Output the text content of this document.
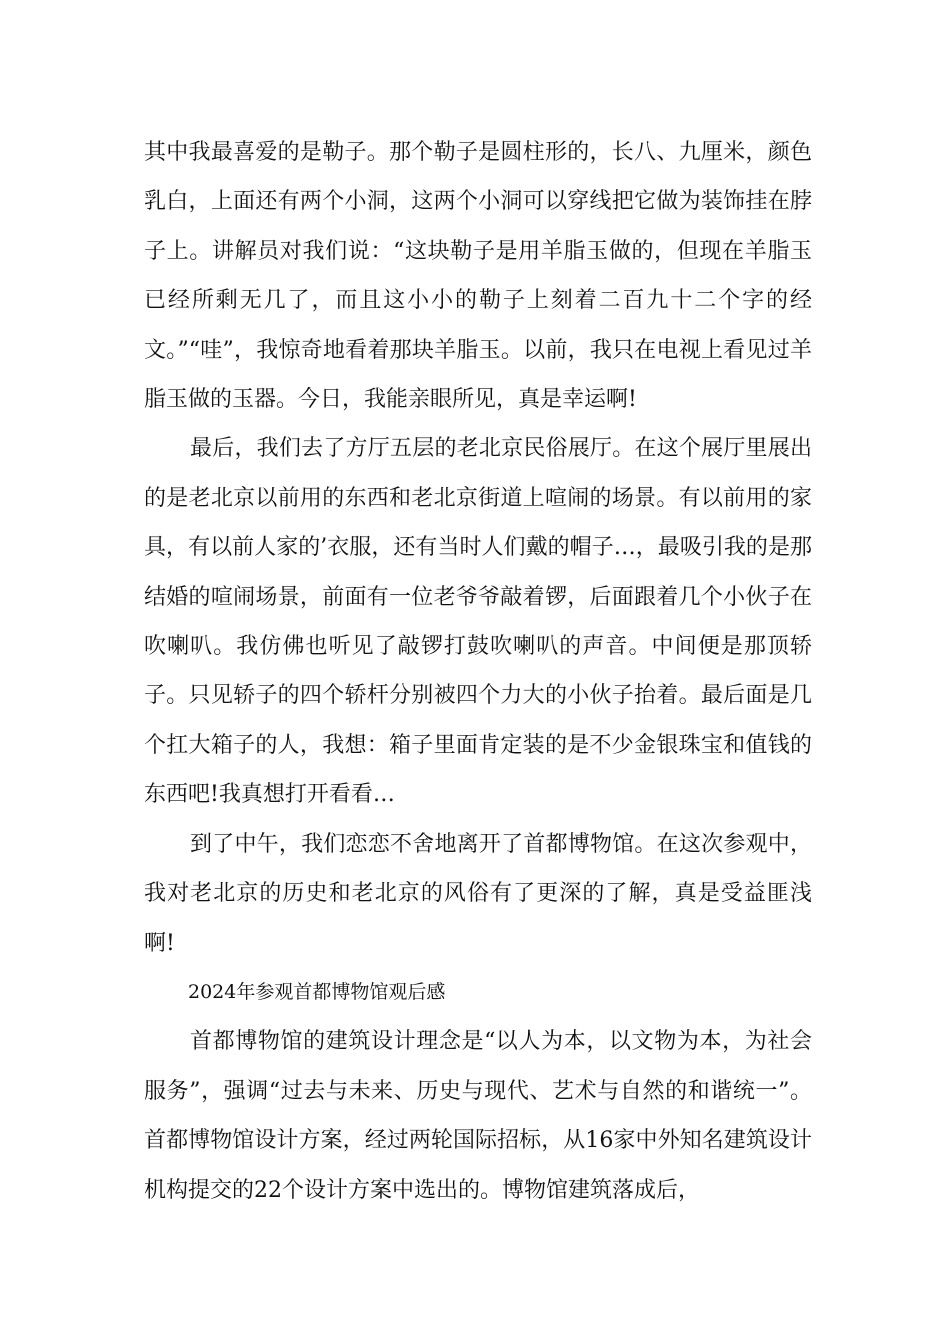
其中我最喜爱的是勒子。那个勒子是圆柱形的，长八、九厘米，颜色乳白，上面还有两个小洞，这两个小洞可以穿线把它做为装饰挂在脖子上。讲解员对我们说：“这块勒子是用羊脂玉做的，但现在羊脂玉已经所剩无几了，而且这小小的勒子上刻着二百九十二个字的经文。”“哇”，我惊奇地看着那块羊脂玉。以前，我只在电视上看见过羊脂玉做的玉器。今日，我能亲眼所见，真是幸运啊!

最后，我们去了方厅五层的老北京民俗展厅。在这个展厅里展出的是老北京以前用的东西和老北京街道上喧闹的场景。有以前用的家具，有以前人家的’衣服，还有当时人们戴的帽子…，最吸引我的是那结婚的喧闹场景，前面有一位老爷爷敲着锣，后面跟着几个小伙子在吹喇叭。我仿佛也听见了敲锣打鼓吹喇叭的声音。中间便是那顶轿子。只见轿子的四个轿杆分别被四个力大的小伙子抬着。最后面是几个扛大箱子的人，我想：箱子里面肯定装的是不少金银珠宝和值钱的东西吧!我真想打开看看…

到了中午，我们恋恋不舍地离开了首都博物馆。在这次参观中，我对老北京的历史和老北京的风俗有了更深的了解，真是受益匪浅啊!

2024年参观首都博物馆观后感

首都博物馆的建筑设计理念是“以人为本，以文物为本，为社会服务”，强调“过去与未来、历史与现代、艺术与自然的和谐统一”。首都博物馆设计方案，经过两轮国际招标，从16家中外知名建筑设计机构提交的22个设计方案中选出的。博物馆建筑落成后，
